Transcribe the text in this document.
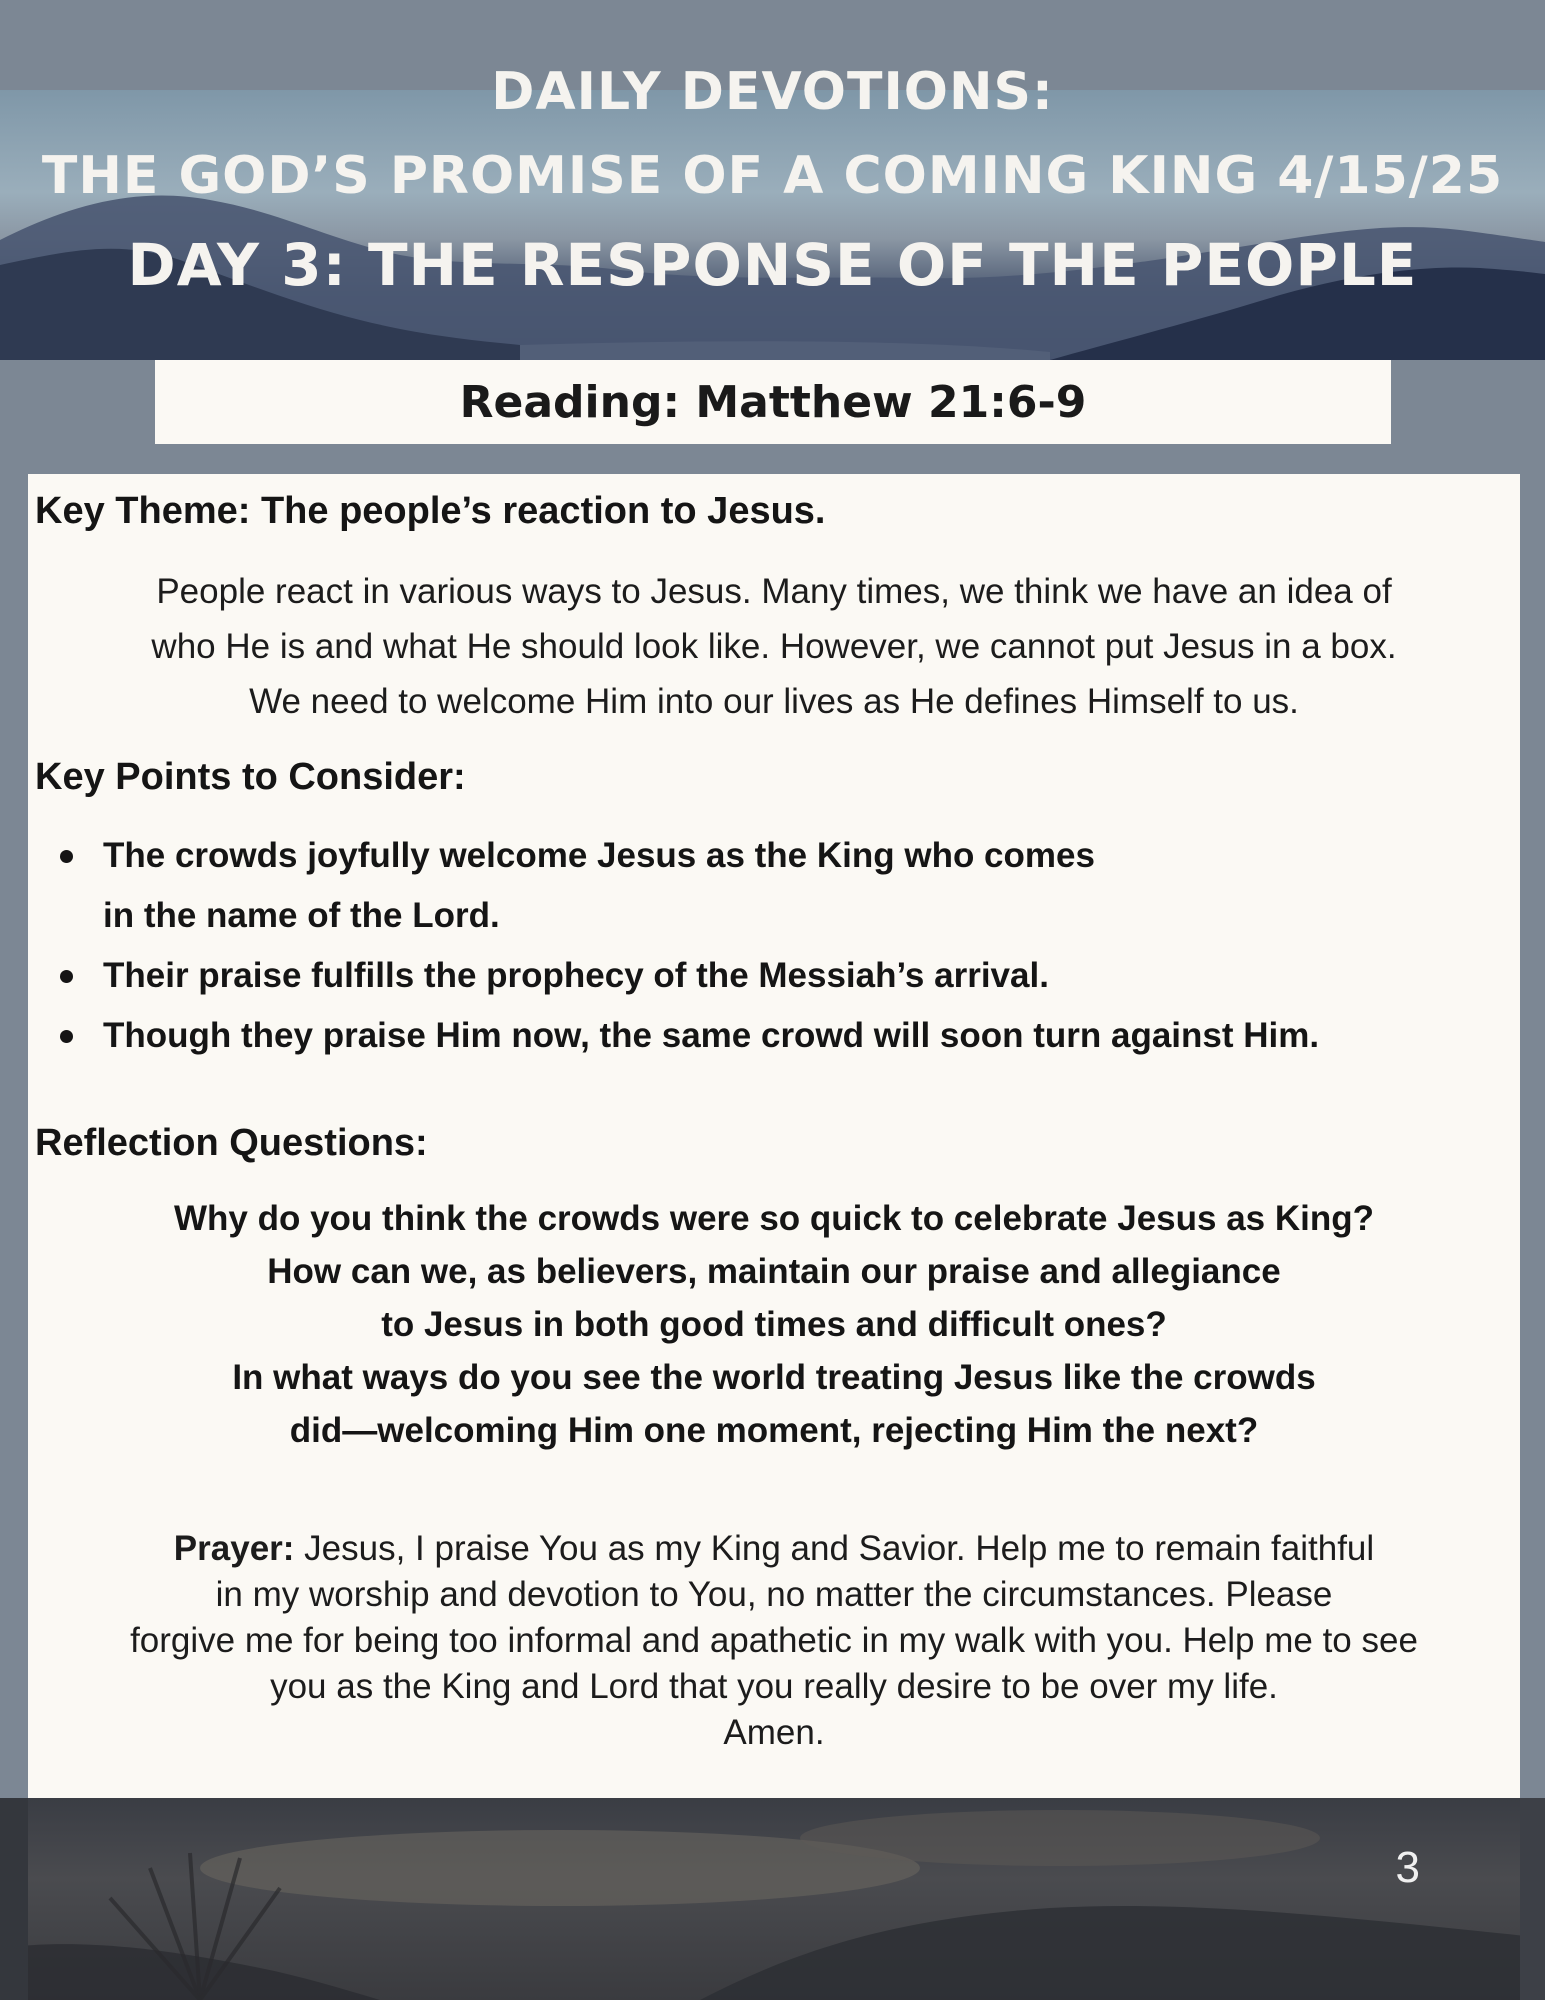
DAILY DEVOTIONS:
THE GOD’S PROMISE OF A COMING KING 4/15/25
DAY 3: THE RESPONSE OF THE PEOPLE
Reading: Matthew 21:6-9
Key Theme: The people’s reaction to Jesus.
People react in various ways to Jesus. Many times, we think we have an idea of
who He is and what He should look like. However, we cannot put Jesus in a box.
We need to welcome Him into our lives as He defines Himself to us.
Key Points to Consider:
The crowds joyfully welcome Jesus as the King who comes
in the name of the Lord.
Their praise fulfills the prophecy of the Messiah’s arrival.
Though they praise Him now, the same crowd will soon turn against Him.
Reflection Questions:
Why do you think the crowds were so quick to celebrate Jesus as King?
How can we, as believers, maintain our praise and allegiance
to Jesus in both good times and difficult ones?
In what ways do you see the world treating Jesus like the crowds
did—welcoming Him one moment, rejecting Him the next?
Prayer: Jesus, I praise You as my King and Savior. Help me to remain faithful
in my worship and devotion to You, no matter the circumstances. Please
forgive me for being too informal and apathetic in my walk with you. Help me to see
you as the King and Lord that you really desire to be over my life.
Amen.
3
